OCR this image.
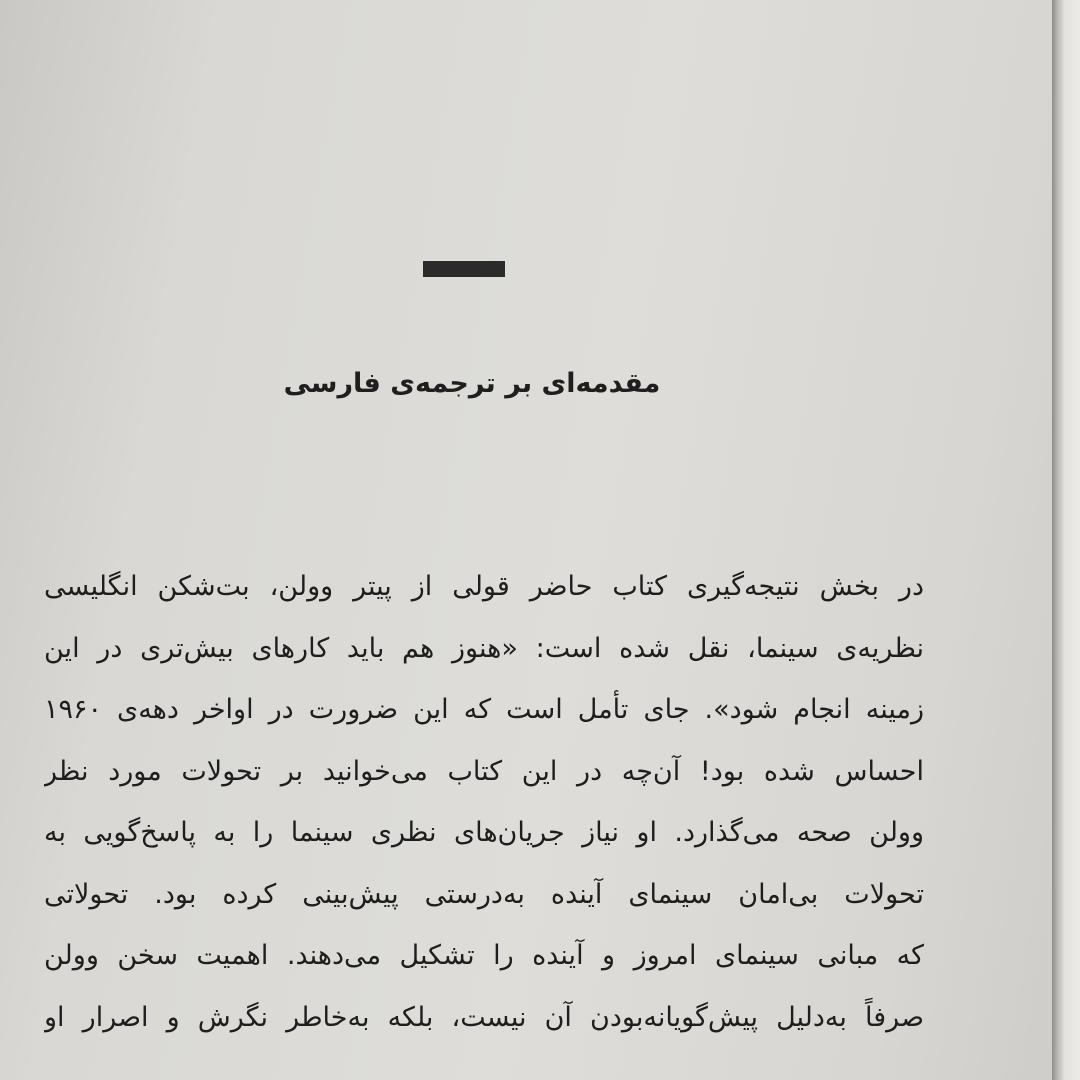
مقدمه‌ای بر ترجمه‌ی فارسی
در بخش نتیجه‌گیری کتاب حاضر قولی از پیتر وولن، بت‌شکن انگلیسی
نظریه‌ی سینما، نقل شده است: «هنوز هم باید کارهای بیش‌تری در این
زمینه انجام شود». جای تأمل است که این ضرورت در اواخر دهه‌ی ۱۹۶۰
احساس شده بود! آن‌چه در این کتاب می‌خوانید بر تحولات مورد نظر
وولن صحه می‌گذارد. او نیاز جریان‌های نظری سینما را به پاسخ‌گویی به
تحولات بی‌امان سینمای آینده به‌درستی پیش‌بینی کرده بود. تحولاتی
که مبانی سینمای امروز و آینده را تشکیل می‌دهند. اهمیت سخن وولن
صرفاً به‌دلیل پیش‌گویانه‌بودن آن نیست، بلکه به‌خاطر نگرش و اصرار او
